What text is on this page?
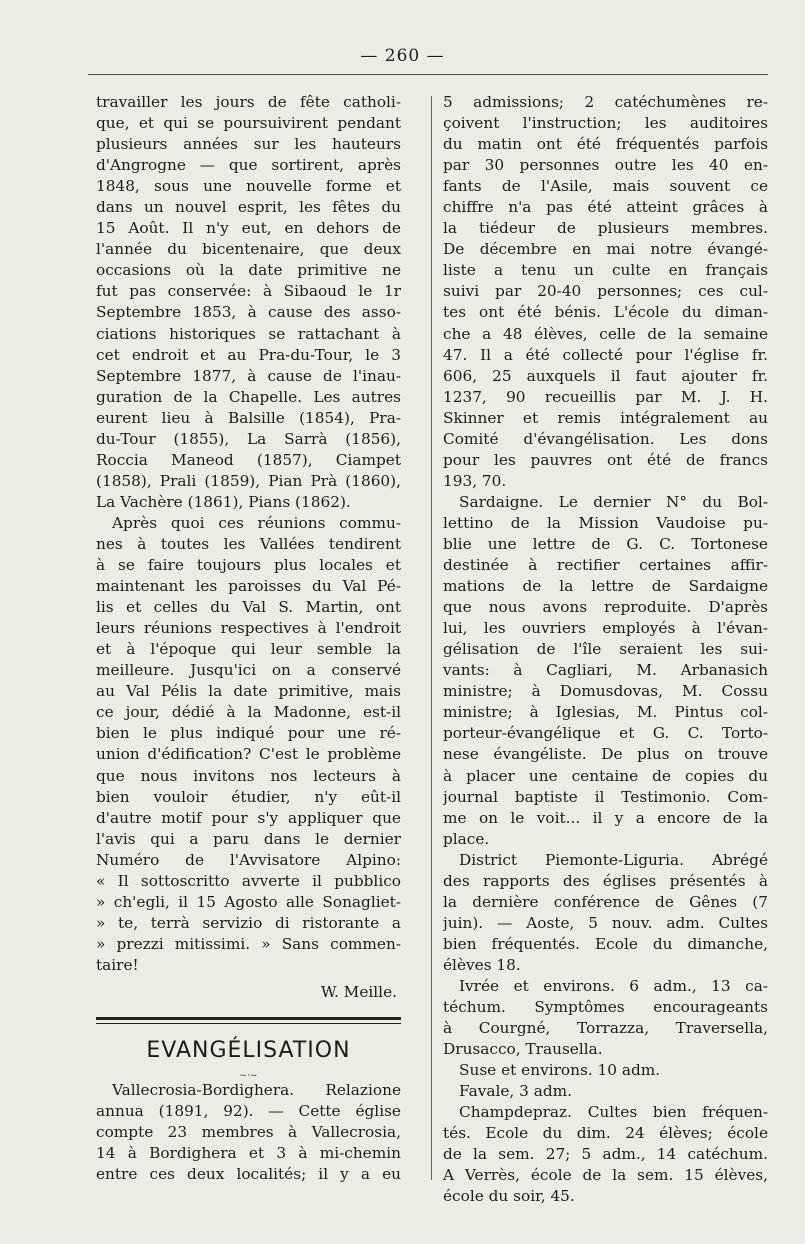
— 260 —
travailler les jours de fête catholi-
que, et qui se poursuivirent pendant
plusieurs années sur les hauteurs
d'Angrogne — que sortirent, après
1848, sous une nouvelle forme et
dans un nouvel esprit, les fêtes du
15 Août. Il n'y eut, en dehors de
l'année du bicentenaire, que deux
occasions où la date primitive ne
fut pas conservée: à Sibaoud le 1r
Septembre 1853, à cause des asso-
ciations historiques se rattachant à
cet endroit et au Pra-du-Tour, le 3
Septembre 1877, à cause de l'inau-
guration de la Chapelle. Les autres
eurent lieu à Balsille (1854), Pra-
du-Tour (1855), La Sarrà (1856),
Roccia Maneod (1857), Ciampet
(1858), Prali (1859), Pian Prà (1860),
La Vachère (1861), Pians (1862).
Après quoi ces réunions commu-
nes à toutes les Vallées tendirent
à se faire toujours plus locales et
maintenant les paroisses du Val Pé-
lis et celles du Val S. Martin, ont
leurs réunions respectives à l'endroit
et à l'époque qui leur semble la
meilleure. Jusqu'ici on a conservé
au Val Pélis la date primitive, mais
ce jour, dédié à la Madonne, est-il
bien le plus indiqué pour une ré-
union d'édification? C'est le problème
que nous invitons nos lecteurs à
bien vouloir étudier, n'y eût-il
d'autre motif pour s'y appliquer que
l'avis qui a paru dans le dernier
Numéro de l'Avvisatore Alpino:
« Il sottoscritto avverte il pubblico
» ch'egli, il 15 Agosto alle Sonagliet-
» te, terrà servizio di ristorante a
» prezzi mitissimi. » Sans commen-
taire!
W. Meille.
EVANGÉLISATION
~·~
Vallecrosia-Bordighera. Relazione
annua (1891, 92). — Cette église
compte 23 membres à Vallecrosia,
14 à Bordighera et 3 à mi-chemin
entre ces deux localités; il y a eu
5 admissions; 2 catéchumènes re-
çoivent l'instruction; les auditoires
du matin ont été fréquentés parfois
par 30 personnes outre les 40 en-
fants de l'Asile, mais souvent ce
chiffre n'a pas été atteint grâces à
la tiédeur de plusieurs membres.
De décembre en mai notre évangé-
liste a tenu un culte en français
suivi par 20-40 personnes; ces cul-
tes ont été bénis. L'école du diman-
che a 48 élèves, celle de la semaine
47. Il a été collecté pour l'église fr.
606, 25 auxquels il faut ajouter fr.
1237, 90 recueillis par M. J. H.
Skinner et remis intégralement au
Comité d'évangélisation. Les dons
pour les pauvres ont été de francs
193, 70.
Sardaigne. Le dernier N° du Bol-
lettino de la Mission Vaudoise pu-
blie une lettre de G. C. Tortonese
destinée à rectifier certaines affir-
mations de la lettre de Sardaigne
que nous avons reproduite. D'après
lui, les ouvriers employés à l'évan-
gélisation de l'île seraient les sui-
vants: à Cagliari, M. Arbanasich
ministre; à Domusdovas, M. Cossu
ministre; à Iglesias, M. Pintus col-
porteur-évangélique et G. C. Torto-
nese évangéliste. De plus on trouve
à placer une centaine de copies du
journal baptiste il Testimonio. Com-
me on le voit... il y a encore de la
place.
District Piemonte-Liguria. Abrégé
des rapports des églises présentés à
la dernière conférence de Gênes (7
juin). — Aoste, 5 nouv. adm. Cultes
bien fréquentés. Ecole du dimanche,
élèves 18.
Ivrée et environs. 6 adm., 13 ca-
téchum. Symptômes encourageants
à Courgné, Torrazza, Traversella,
Drusacco, Trausella.
Suse et environs. 10 adm.
Favale, 3 adm.
Champdepraz. Cultes bien fréquen-
tés. Ecole du dim. 24 élèves; école
de la sem. 27; 5 adm., 14 catéchum.
A Verrès, école de la sem. 15 élèves,
école du soir, 45.
